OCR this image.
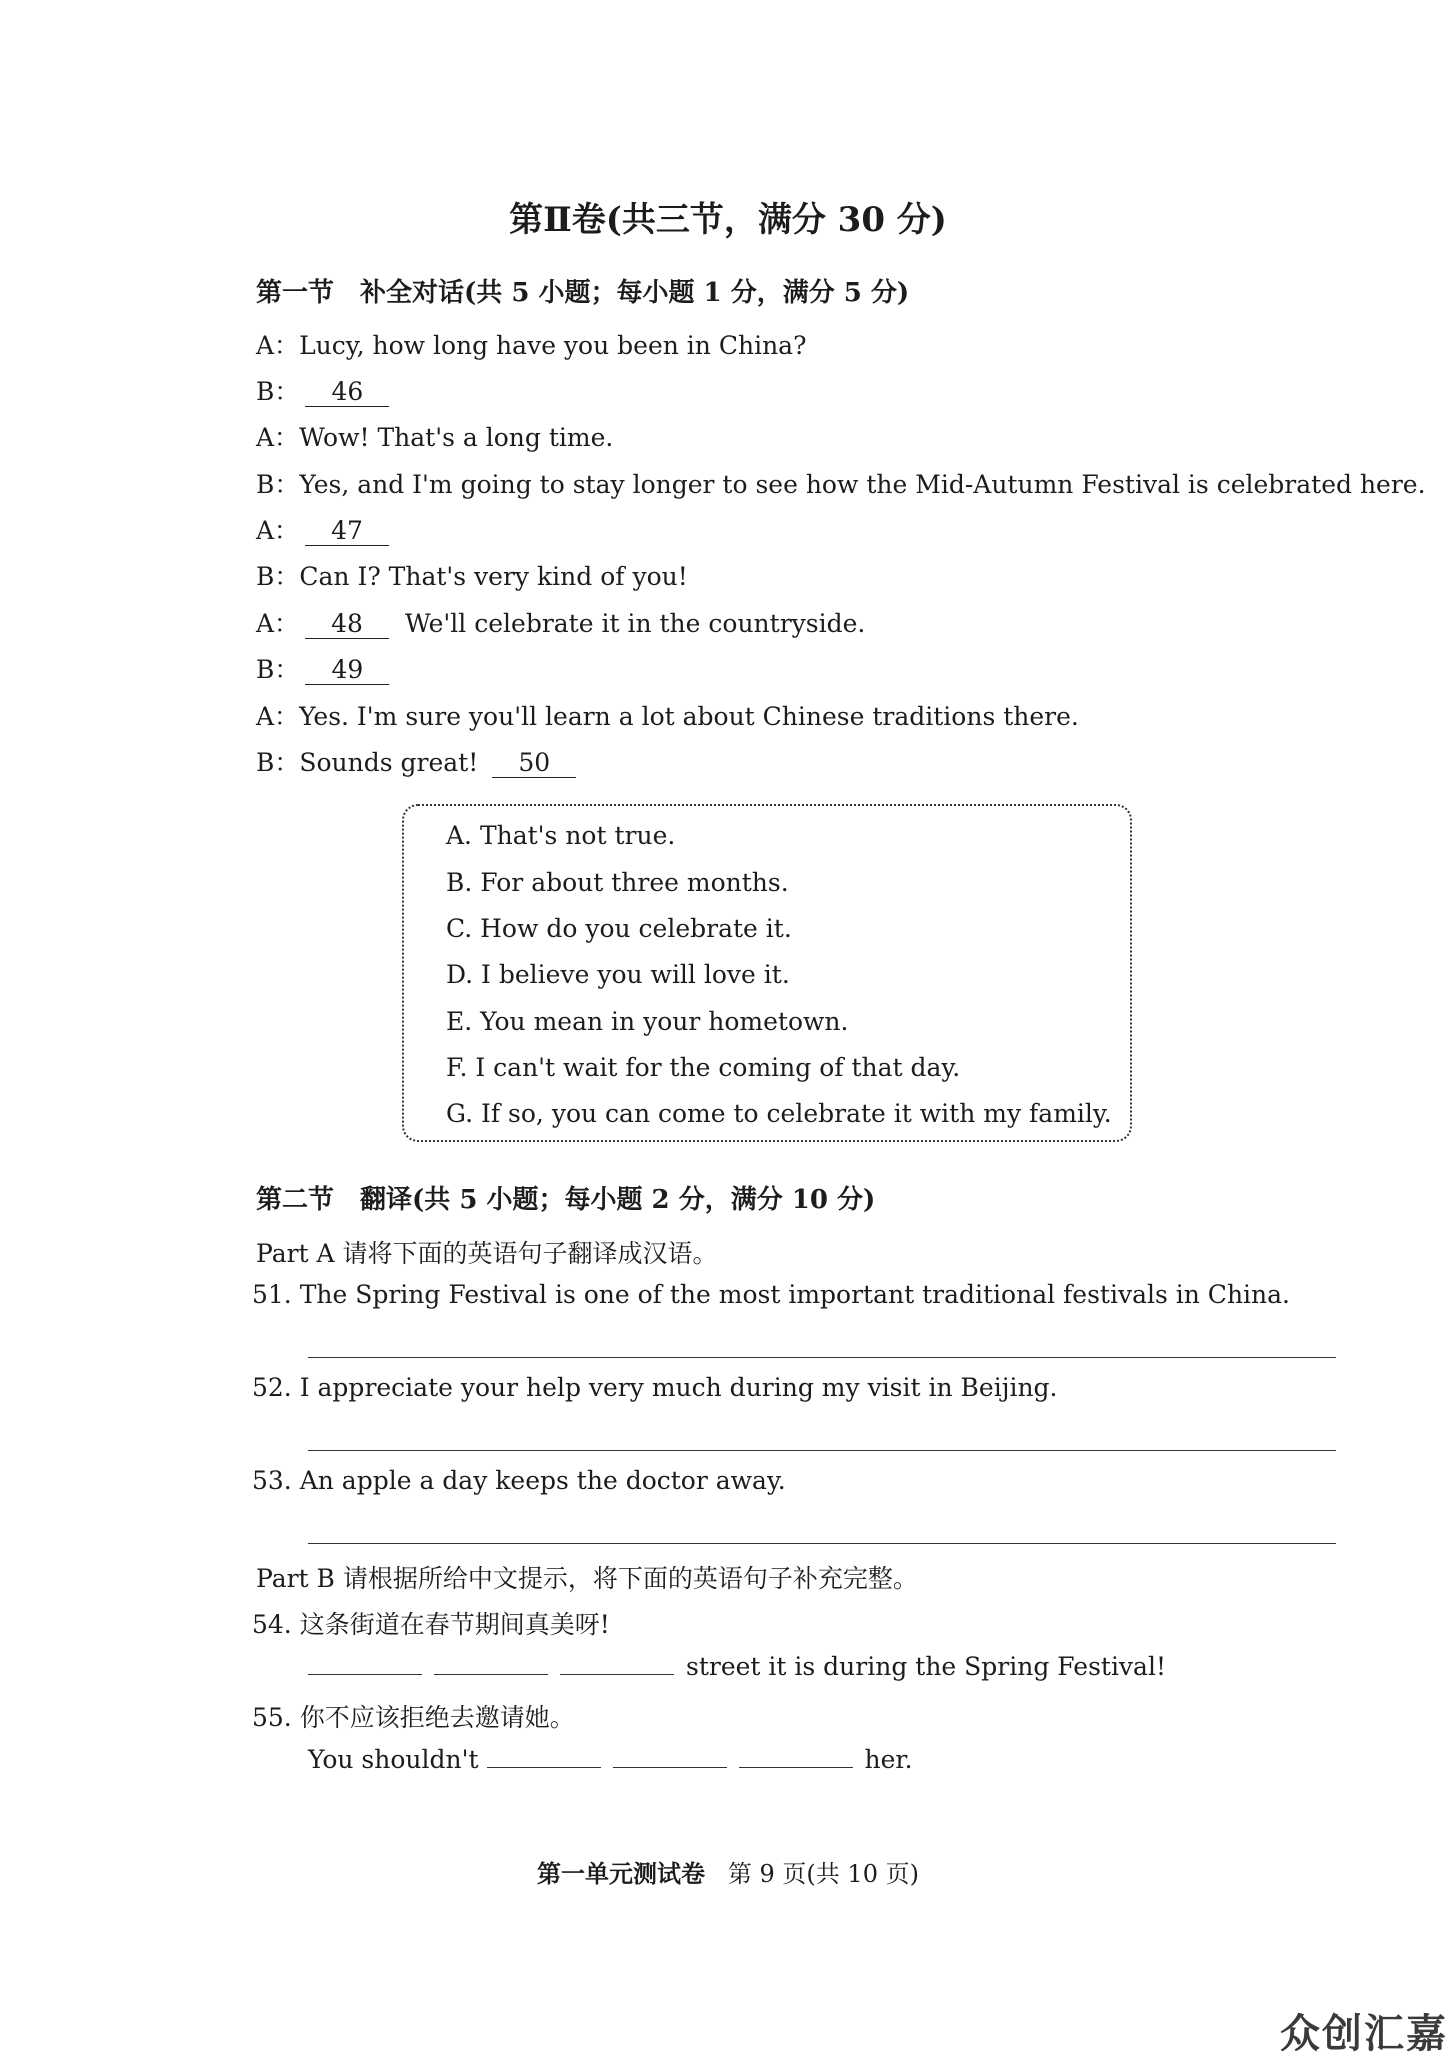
第Ⅱ卷(共三节，满分 30 分)
第一节　补全对话(共 5 小题；每小题 1 分，满分 5 分)
A：Lucy, how long have you been in China?
B： 46
A：Wow! That's a long time.
B：Yes, and I'm going to stay longer to see how the Mid-Autumn Festival is celebrated here.
A： 47
B：Can I? That's very kind of you!
A： 48 We'll celebrate it in the countryside.
B： 49
A：Yes. I'm sure you'll learn a lot about Chinese traditions there.
B：Sounds great! 50
A. That's not true.
B. For about three months.
C. How do you celebrate it.
D. I believe you will love it.
E. You mean in your hometown.
F. I can't wait for the coming of that day.
G. If so, you can come to celebrate it with my family.
第二节　翻译(共 5 小题；每小题 2 分，满分 10 分)
Part A 请将下面的英语句子翻译成汉语。
51. The Spring Festival is one of the most important traditional festivals in China.
52. I appreciate your help very much during my visit in Beijing.
53. An apple a day keeps the doctor away.
Part B 请根据所给中文提示，将下面的英语句子补充完整。
54. 这条街道在春节期间真美呀!
street it is during the Spring Festival!
55. 你不应该拒绝去邀请她。
You shouldn't	her.
第一单元测试卷 第 9 页(共 10 页)
众创汇嘉
